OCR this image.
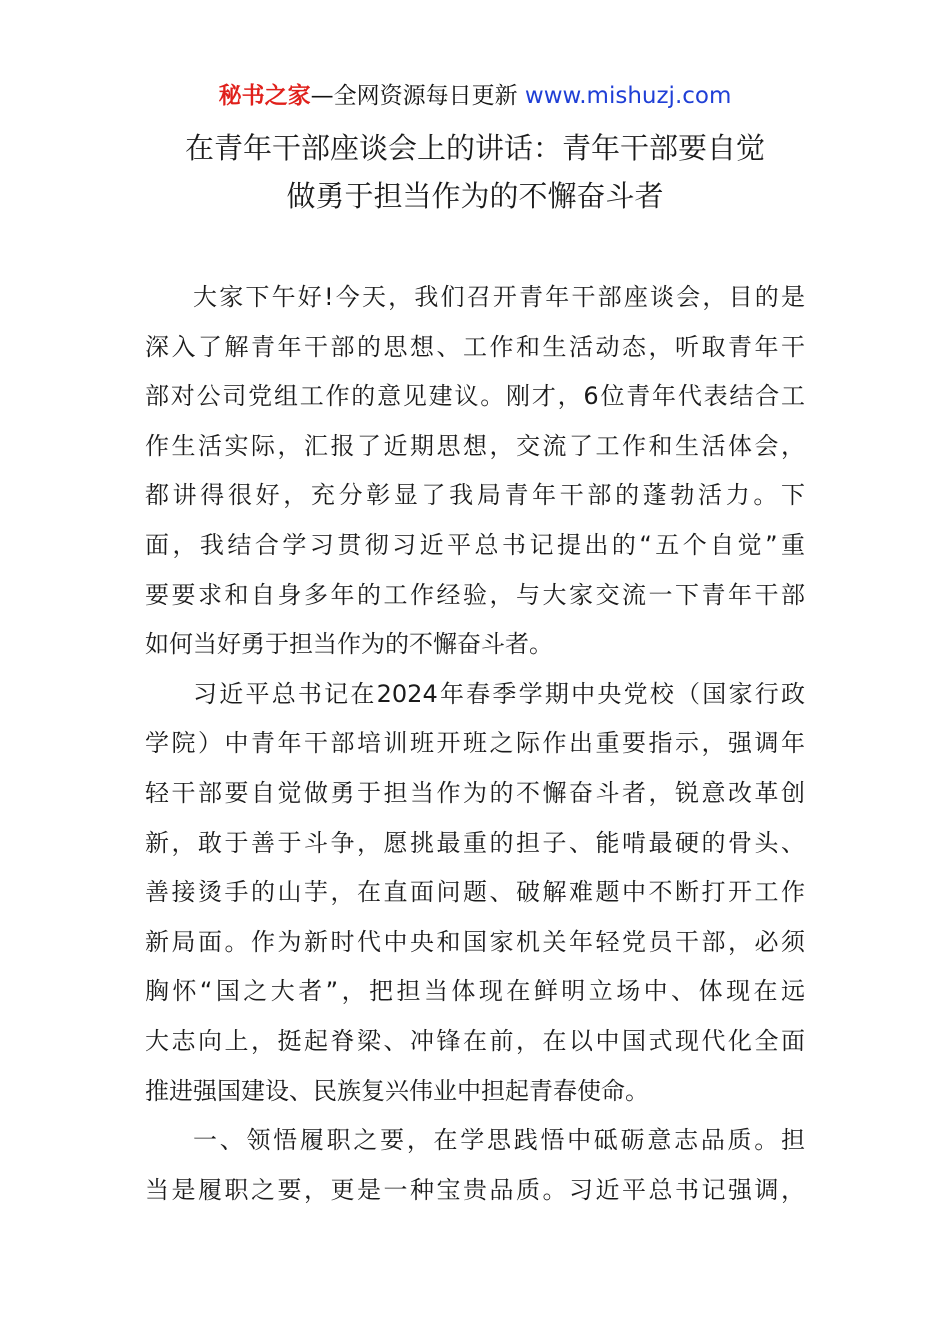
秘书之家—全网资源每日更新 www.mishuzj.com
在青年干部座谈会上的讲话：青年干部要自觉
做勇于担当作为的不懈奋斗者
大家下午好!今天，我们召开青年干部座谈会，目的是
深入了解青年干部的思想、工作和生活动态，听取青年干
部对公司党组工作的意见建议。刚才，6位青年代表结合工
作生活实际，汇报了近期思想，交流了工作和生活体会，
都讲得很好，充分彰显了我局青年干部的蓬勃活力。下
面，我结合学习贯彻习近平总书记提出的“五个自觉”重
要要求和自身多年的工作经验，与大家交流一下青年干部
如何当好勇于担当作为的不懈奋斗者。
习近平总书记在2024年春季学期中央党校（国家行政
学院）中青年干部培训班开班之际作出重要指示，强调年
轻干部要自觉做勇于担当作为的不懈奋斗者，锐意改革创
新，敢于善于斗争，愿挑最重的担子、能啃最硬的骨头、
善接烫手的山芋，在直面问题、破解难题中不断打开工作
新局面。作为新时代中央和国家机关年轻党员干部，必须
胸怀“国之大者”，把担当体现在鲜明立场中、体现在远
大志向上，挺起脊梁、冲锋在前，在以中国式现代化全面
推进强国建设、民族复兴伟业中担起青春使命。
一、领悟履职之要，在学思践悟中砥砺意志品质。担
当是履职之要，更是一种宝贵品质。习近平总书记强调，
